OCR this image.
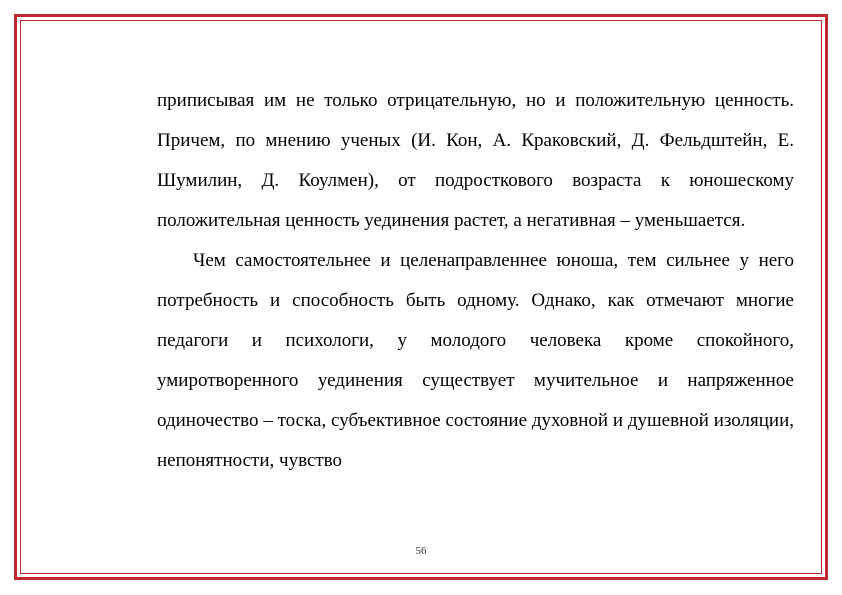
приписывая им не только отрицательную, но и положительную ценность. Причем, по мнению ученых (И. Кон, А. Краковский, Д. Фельдштейн, Е. Шумилин, Д. Коулмен), от подросткового возраста к юношескому положительная ценность уединения растет, а негативная – уменьшается.

Чем самостоятельнее и целенаправленнее юноша, тем сильнее у него потребность и способность быть одному. Однако, как отмечают многие педагоги и психологи, у молодого человека кроме спокойного, умиротворенного уединения существует мучительное и напряженное одиночество – тоска, субъективное состояние духовной и душевной изоляции, непонятности, чувство

56
